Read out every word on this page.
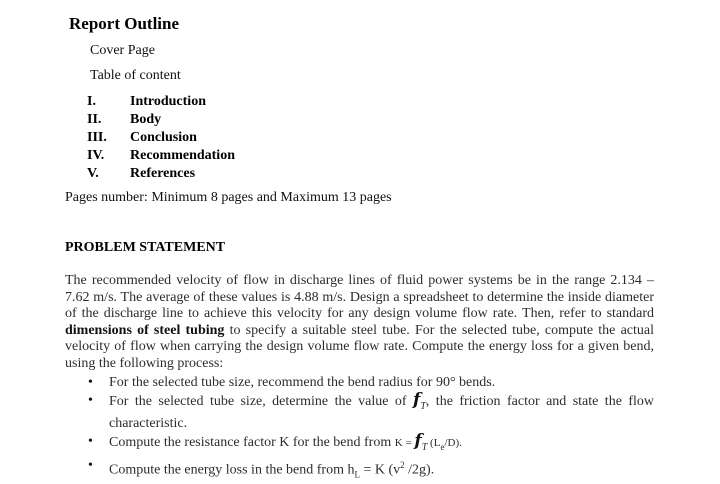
Report Outline
Cover Page
Table of content
I.	Introduction
II.	Body
III.	Conclusion
IV.	Recommendation
V.	References
Pages number: Minimum 8 pages and Maximum 13 pages
PROBLEM STATEMENT
The recommended velocity of flow in discharge lines of fluid power systems be in the range 2.134 – 7.62 m/s. The average of these values is 4.88 m/s. Design a spreadsheet to determine the inside diameter of the discharge line to achieve this velocity for any design volume flow rate. Then, refer to standard dimensions of steel tubing to specify a suitable steel tube. For the selected tube, compute the actual velocity of flow when carrying the design volume flow rate. Compute the energy loss for a given bend, using the following process:
• For the selected tube size, recommend the bend radius for 90° bends.
• For the selected tube size, determine the value of $f_T$, the friction factor and state the flow characteristic.
• Compute the resistance factor K for the bend from $K = f_T$ $(L_e/D)$.
• Compute the energy loss in the bend from $h_L = K$ ($v^2$ /2g).
